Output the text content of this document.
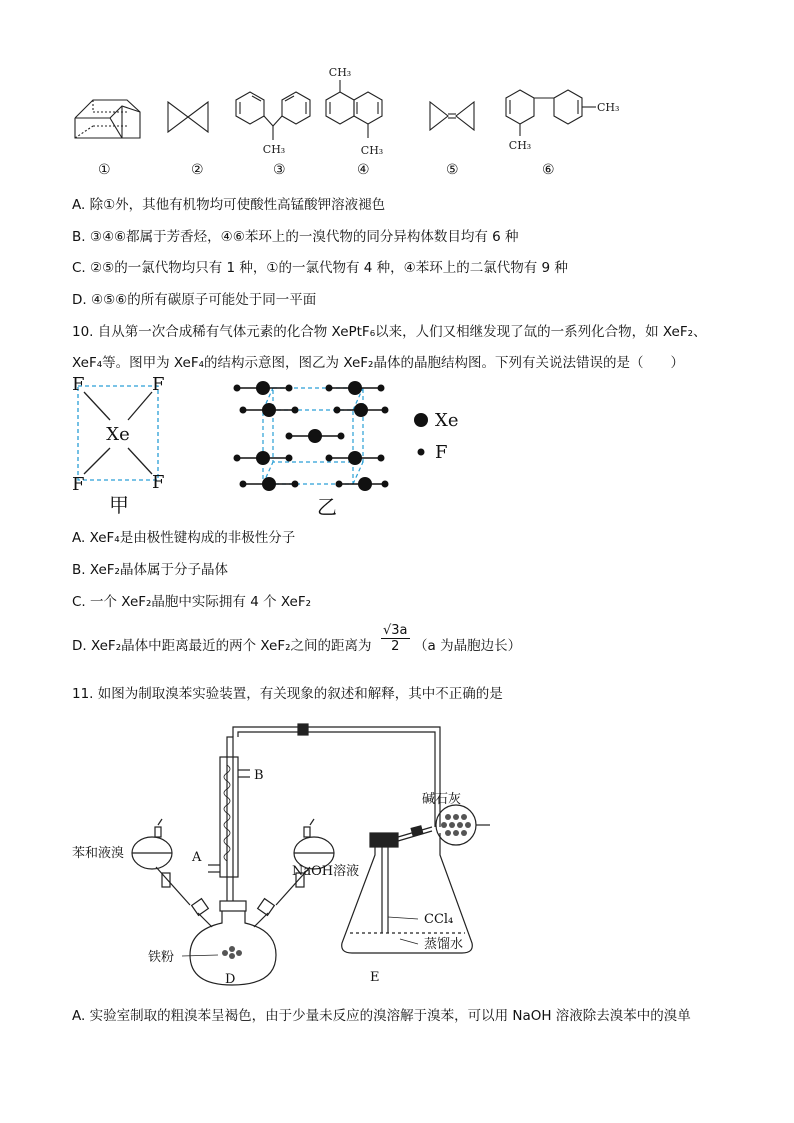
CH₃
CH₃	CH₃
CH₃
CH₃
①	②	③	④	⑤	⑥
A. 除①外，其他有机物均可使酸性高锰酸钾溶液褪色
B. ③④⑥都属于芳香烃，④⑥苯环上的一溴代物的同分异构体数目均有 6 种
C. ②⑤的一氯代物均只有 1 种，①的一氯代物有 4 种，④苯环上的二氯代物有 9 种
D. ④⑤⑥的所有碳原子可能处于同一平面
10. 自从第一次合成稀有气体元素的化合物 XePtF₆以来，人们又相继发现了氙的一系列化合物，如 XeF₂、
XeF₄等。图甲为 XeF₄的结构示意图，图乙为 XeF₂晶体的晶胞结构图。下列有关说法错误的是（　　）
F	F
F	F
Xe
甲
Xe
F
乙
A. XeF₄是由极性键构成的非极性分子
B. XeF₂晶体属于分子晶体
C. 一个 XeF₂晶胞中实际拥有 4 个 XeF₂
D. XeF₂晶体中距离最近的两个 XeF₂之间的距离为 $\frac{√3a}{2} (a$ 为晶胞边长）
11. 如图为制取溴苯实验装置，有关现象的叙述和解释，其中不正确的是
苯和液溴	A
B
NaOH溶液
碱石灰
CCl₄
蒸馏水
铁粉
D	E
A. 实验室制取的粗溴苯呈褐色，由于少量未反应的溴溶解于溴苯，可以用 NaOH 溶液除去溴苯中的溴单
